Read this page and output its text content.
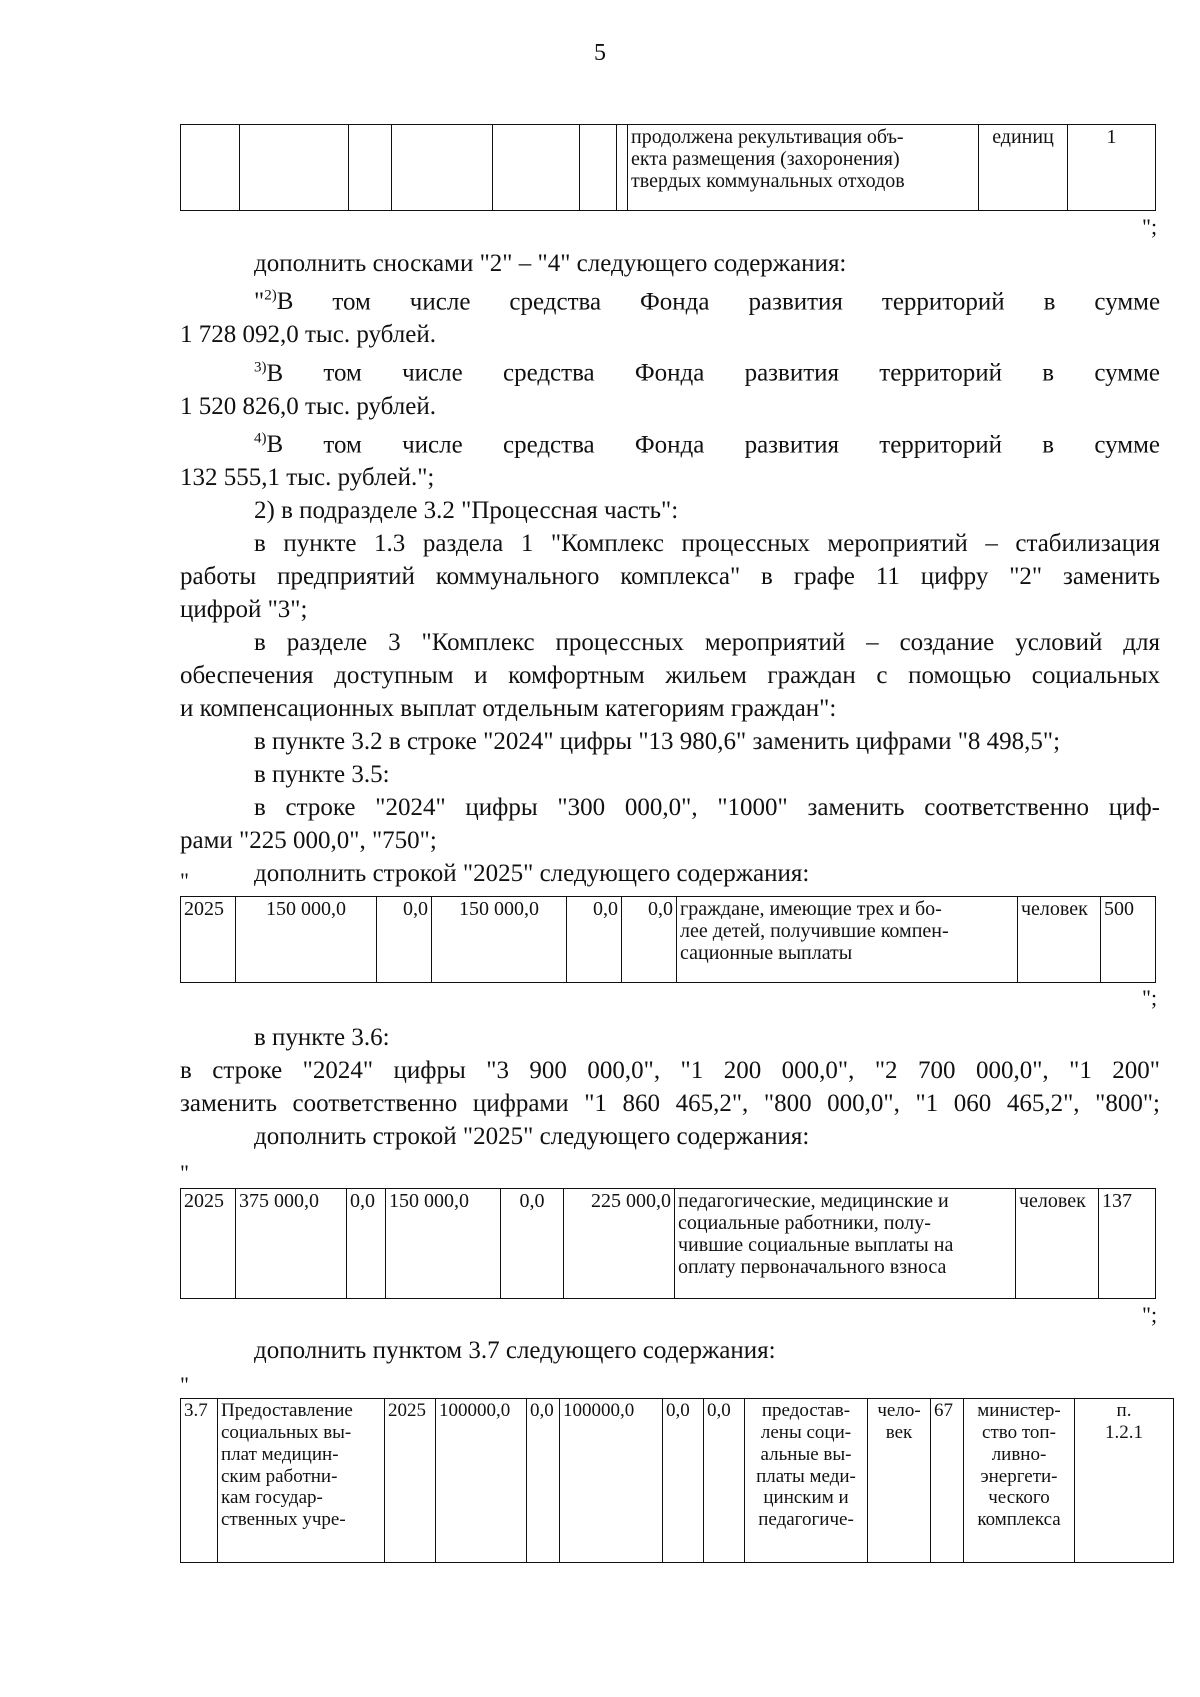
5
							продолжена рекультивация объ-
екта размещения (захоронения)
твердых коммунальных отходов	единиц	1
";
дополнить сносками "2" – "4" следующего содержания:
"$^{2)}$В том числе средства Фонда развития территорий в сумме
1 728 092,0 тыс. рублей.
$^{3)}$В том числе средства Фонда развития территорий в сумме
1 520 826,0 тыс. рублей.
$^{4)}$В том числе средства Фонда развития территорий в сумме
132 555,1 тыс. рублей.";
2) в подразделе 3.2 "Процессная часть":
в пункте 1.3 раздела 1 "Комплекс процессных мероприятий – стабилизация
работы предприятий коммунального комплекса" в графе 11 цифру "2" заменить
цифрой "3";
в разделе 3 "Комплекс процессных мероприятий – создание условий для
обеспечения доступным и комфортным жильем граждан с помощью социальных
и компенсационных выплат отдельным категориям граждан":
в пункте 3.2 в строке "2024" цифры "13 980,6" заменить цифрами "8 498,5";
в пункте 3.5:
в строке "2024" цифры "300 000,0", "1000" заменить соответственно циф-
рами "225 000,0", "750";
дополнить строкой "2025" следующего содержания:
"
2025	150 000,0	0,0	150 000,0	0,0	0,0	граждане, имеющие трех и бо-
лее детей, получившие компен-
сационные выплаты	человек	500
";
в пункте 3.6:
в строке "2024" цифры "3 900 000,0", "1 200 000,0", "2 700 000,0", "1 200"
заменить соответственно цифрами "1 860 465,2", "800 000,0", "1 060 465,2", "800";
дополнить строкой "2025" следующего содержания:
"
2025	375 000,0	0,0	150 000,0	0,0	225 000,0	педагогические, медицинские и
социальные работники, полу-
чившие социальные выплаты на
оплату первоначального взноса	человек	137
";
дополнить пунктом 3.7 следующего содержания:
"
3.7	Предоставление
социальных вы-
плат медицин-
ским работни-
кам государ-
ственных учре-	2025	100000,0	0,0	100000,0	0,0	0,0	предостав-
лены соци-
альные вы-
платы меди-
цинским и
педагогиче-	чело-
век	67	министер-
ство топ-
ливно-
энергети-
ческого
комплекса	п.
1.2.1
